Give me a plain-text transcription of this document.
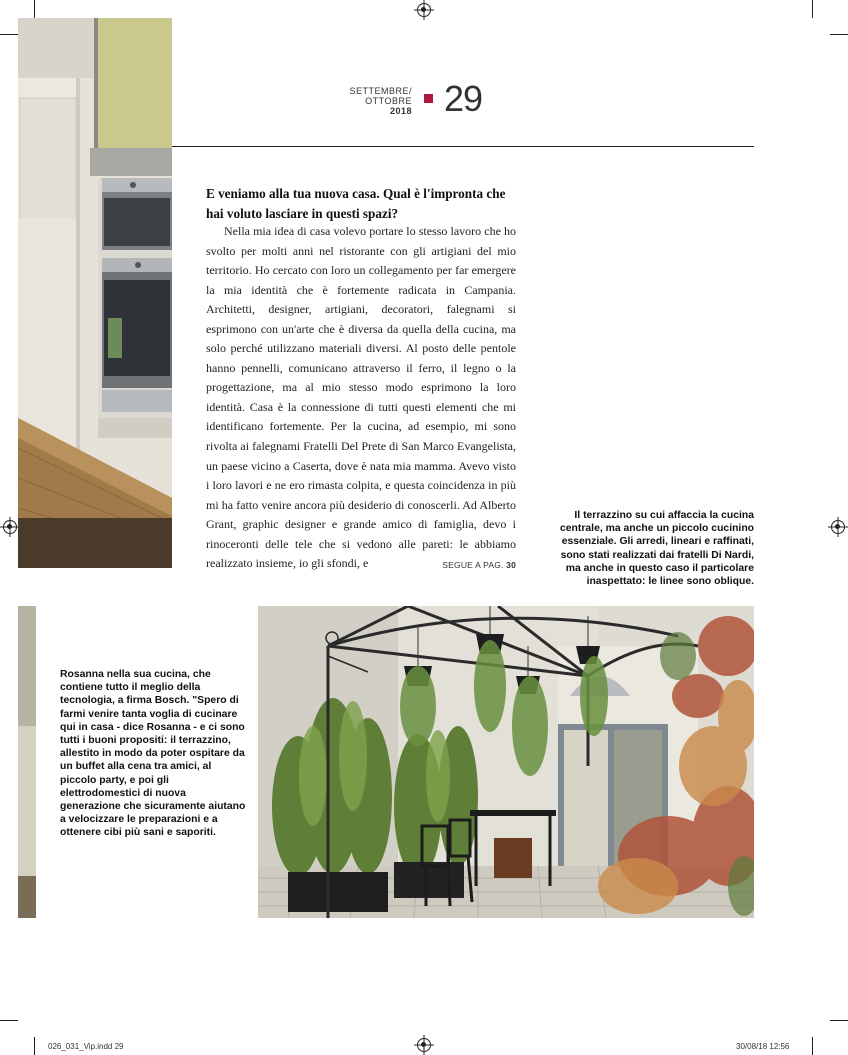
SETTEMBRE/
OTTOBRE
2018 29
E veniamo alla tua nuova casa. Qual è l'impronta che hai voluto lasciare in questi spazi?
Nella mia idea di casa volevo portare lo stesso lavoro che ho svolto per molti anni nel ristorante con gli artigiani del mio territorio. Ho cercato con loro un collegamento per far emergere la mia identità che è fortemente radicata in Campania. Architetti, designer, artigiani, decoratori, falegnami si esprimono con un'arte che è diversa da quella della cucina, ma solo perché utilizzano materiali diversi. Al posto delle pentole hanno pennelli, comunicano attraverso il ferro, il legno o la progettazione, ma al mio stesso modo esprimono la loro identità. Casa è la connessione di tutti questi elementi che mi identificano fortemente. Per la cucina, ad esempio, mi sono rivolta ai falegnami Fratelli Del Prete di San Marco Evangelista, un paese vicino a Caserta, dove è nata mia mamma. Avevo visto i loro lavori e ne ero rimasta colpita, e questa coincidenza in più mi ha fatto venire ancora più desiderio di conoscerli. Ad Alberto Grant, graphic designer e grande amico di famiglia, devo i rinoceronti delle tele che si vedono alle pareti: le abbiamo realizzato insieme, io gli sfondi, e	SEGUE A PAG. 30
Il terrazzino su cui affaccia la cucina centrale, ma anche un piccolo cucinino essenziale. Gli arredi, lineari e raffinati, sono stati realizzati dai fratelli Di Nardi, ma anche in questo caso il particolare inaspettato: le linee sono oblique.
Rosanna nella sua cucina, che contiene tutto il meglio della tecnologia, a firma Bosch. "Spero di farmi venire tanta voglia di cucinare qui in casa - dice Rosanna - e ci sono tutti i buoni propositi: il terrazzino, allestito in modo da poter ospitare da un buffet alla cena tra amici, al piccolo party, e poi gli elettrodomestici di nuova generazione che sicuramente aiutano a velocizzare le preparazioni e a ottenere cibi più sani e saporiti.
026_031_Vip.indd 29	30/08/18 12:56
